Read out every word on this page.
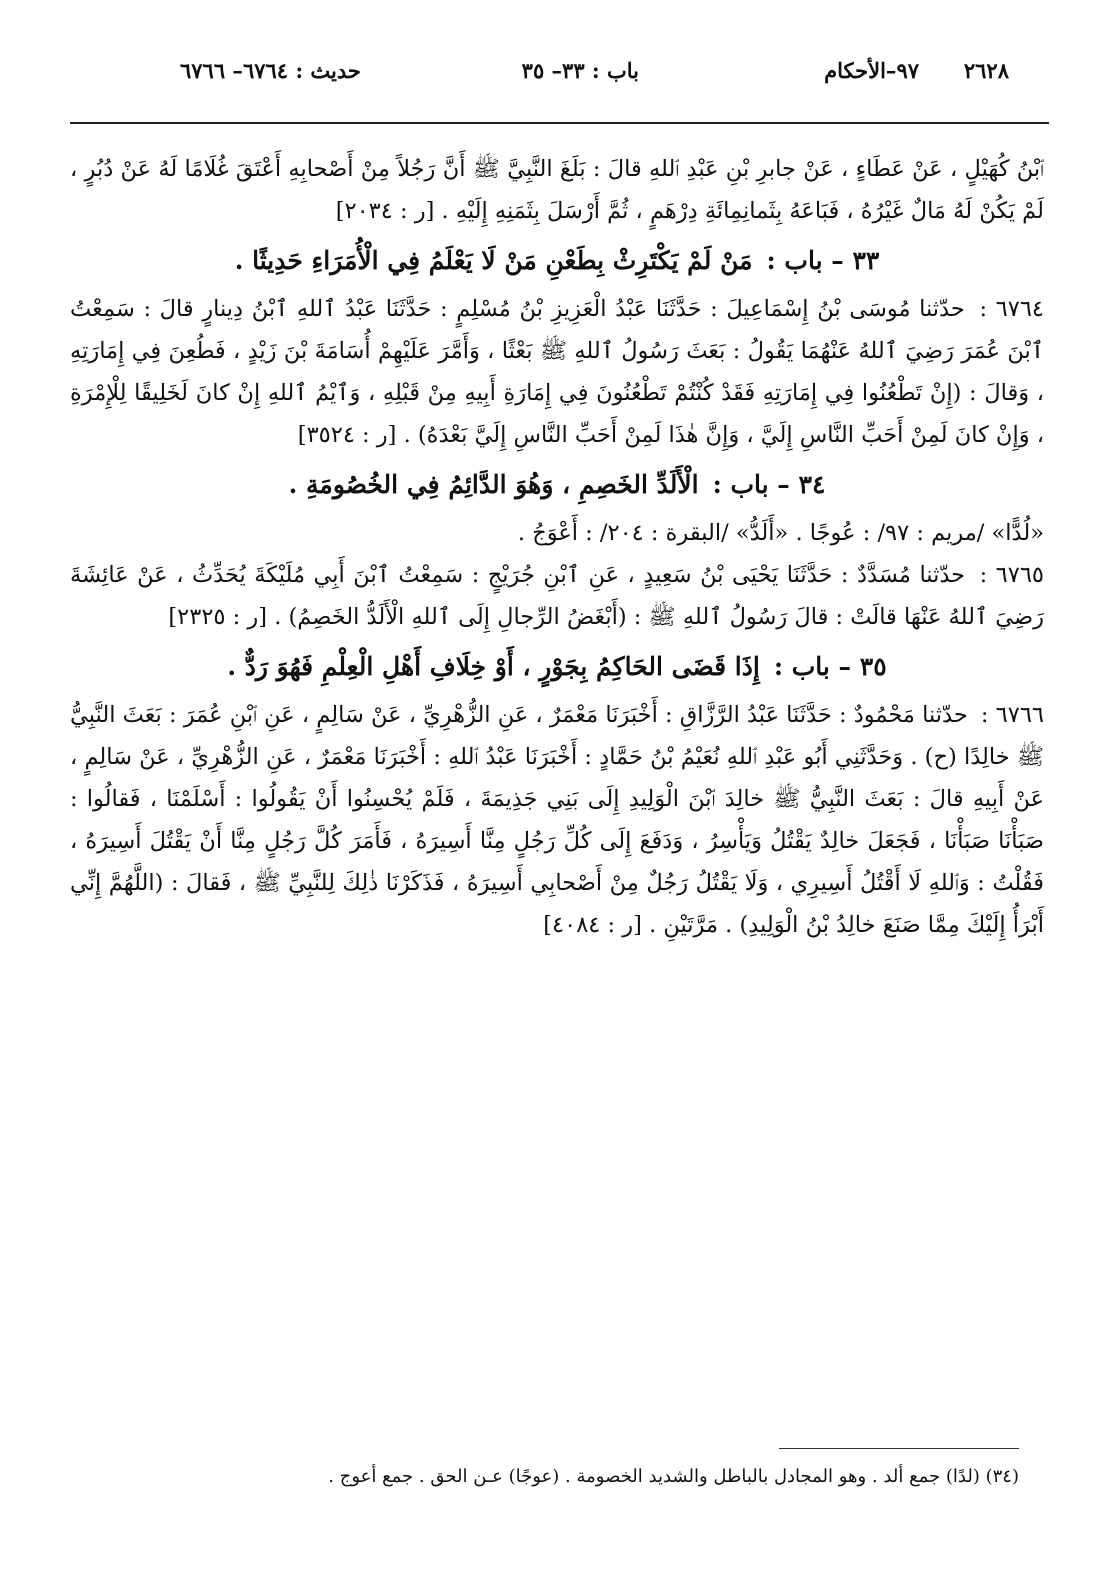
٢٦٢٨
٩٧–الأحكام
باب : ٣٣– ٣٥
حديث : ٦٧٦٤– ٦٧٦٦

ٱبْنُ كُهَيْلٍ ، عَنْ عَطَاءٍ ، عَنْ جابرِ بْنِ عَبْدِ ٱللهِ قالَ : بَلَغَ النَّبِيَّ ﷺ أَنَّ رَجُلاً مِنْ أَصْحابِهِ أَعْتَقَ غُلَامًا لَهُ عَنْ دُبُرٍ ، لَمْ يَكُنْ لَهُ مَالٌ غَيْرُهُ ، فَبَاعَهُ بِثَمانِمِائَةِ دِرْهَمٍ ، ثُمَّ أَرْسَلَ بِثَمَنِهِ إِلَيْهِ . [ر : ٢٠٣٤]

٣٣ – باب :مَنْ لَمْ يَكْتَرِثْ بِطَعْنِ مَنْ لَا يَعْلَمُ فِي الْأُمَرَاءِ حَدِيثًا .

٦٧٦٤ : حدّثنا مُوسَى بْنُ إِسْمَاعِيلَ : حَدَّثَنَا عَبْدُ الْعَزِيزِ بْنُ مُسْلِمٍ : حَدَّثَنَا عَبْدُ ٱللهِ ٱبْنُ دِينارٍ قالَ : سَمِعْتُ ٱبْنَ عُمَرَ رَضِيَ ٱللهُ عَنْهُمَا يَقُولُ : بَعَثَ رَسُولُ ٱللهِ ﷺ بَعْثًا ، وَأَمَّرَ عَلَيْهِمْ أُسَامَةَ بْنَ زَيْدٍ ، فَطُعِنَ فِي إِمَارَتِهِ ، وَقالَ : (إِنْ تَطْعُنُوا فِي إِمَارَتِهِ فَقَدْ كُنْتُمْ تَطْعُنُونَ فِي إِمَارَةِ أَبِيهِ مِنْ قَبْلِهِ ، وَٱيْمُ ٱللهِ إِنْ كانَ لَخَلِيقًا لِلْإِمْرَةِ ، وَإِنْ كانَ لَمِنْ أَحَبِّ النَّاسِ إِلَيَّ ، وَإِنَّ هٰذَا لَمِنْ أَحَبِّ النَّاسِ إِلَيَّ بَعْدَهُ) . [ر : ٣٥٢٤]

٣٤ – باب :الْأَلَدِّ الخَصِمِ ، وَهُوَ الدَّائِمُ فِي الخُصُومَةِ .

«لُدًّا» /مريم : ٩٧/ : عُوجًا . «أَلَدُّ» /البقرة : ٢٠٤/ : أَعْوَجُ .

٦٧٦٥ : حدّثنا مُسَدَّدٌ : حَدَّثَنَا يَحْيَى بْنُ سَعِيدٍ ، عَنِ ٱبْنِ جُرَيْجٍ : سَمِعْتُ ٱبْنَ أَبِي مُلَيْكَةَ يُحَدِّثُ ، عَنْ عَائِشَةَ رَضِيَ ٱللهُ عَنْهَا قالَتْ : قالَ رَسُولُ ٱللهِ ﷺ : (أَبْغَضُ الرِّجالِ إِلَى ٱللهِ الْأَلَدُّ الخَصِمُ) . [ر : ٢٣٢٥]

٣٥ – باب :إِذَا قَضَى الحَاكِمُ بِجَوْرٍ ، أَوْ خِلَافِ أَهْلِ الْعِلْمِ فَهُوَ رَدٌّ .

٦٧٦٦ : حدّثنا مَحْمُودٌ : حَدَّثَنَا عَبْدُ الرَّزَّاقِ : أَخْبَرَنَا مَعْمَرٌ ، عَنِ الزُّهْرِيِّ ، عَنْ سَالِمٍ ، عَنِ ٱبْنِ عُمَرَ : بَعَثَ النَّبِيُّ ﷺ خالِدًا (ح) . وَحَدَّثَنِي أَبُو عَبْدِ ٱللهِ نُعَيْمُ بْنُ حَمَّادٍ : أَخْبَرَنَا عَبْدُ ٱللهِ : أَخْبَرَنَا مَعْمَرٌ ، عَنِ الزُّهْرِيِّ ، عَنْ سَالِمٍ ، عَنْ أَبِيهِ قالَ : بَعَثَ النَّبِيُّ ﷺ خالِدَ ٱبْنَ الْوَلِيدِ إِلَى بَنِي جَذِيمَةَ ، فَلَمْ يُحْسِنُوا أَنْ يَقُولُوا : أَسْلَمْنَا ، فَقالُوا : صَبَأْنَا صَبَأْنَا ، فَجَعَلَ خالِدٌ يَقْتُلُ وَيَأْسِرُ ، وَدَفَعَ إِلَى كُلِّ رَجُلٍ مِنَّا أَسِيرَهُ ، فَأَمَرَ كُلَّ رَجُلٍ مِنَّا أَنْ يَقْتُلَ أَسِيرَهُ ، فَقُلْتُ : وَٱللهِ لَا أَقْتُلُ أَسِيرِي ، وَلَا يَقْتُلُ رَجُلٌ مِنْ أَصْحابِي أَسِيرَهُ ، فَذَكَرْنَا ذٰلِكَ لِلنَّبِيِّ ﷺ ، فَقالَ : (اللَّهُمَّ إِنِّي أَبْرَأُ إِلَيْكَ مِمَّا صَنَعَ خالِدُ بْنُ الْوَلِيدِ) . مَرَّتَيْنِ . [ر : ٤٠٨٤]

(٣٤) (لدًا) جمع ألد . وهو المجادل بالباطل والشديد الخصومة . (عوجًا) عـن الحق . جمع أعوج .
